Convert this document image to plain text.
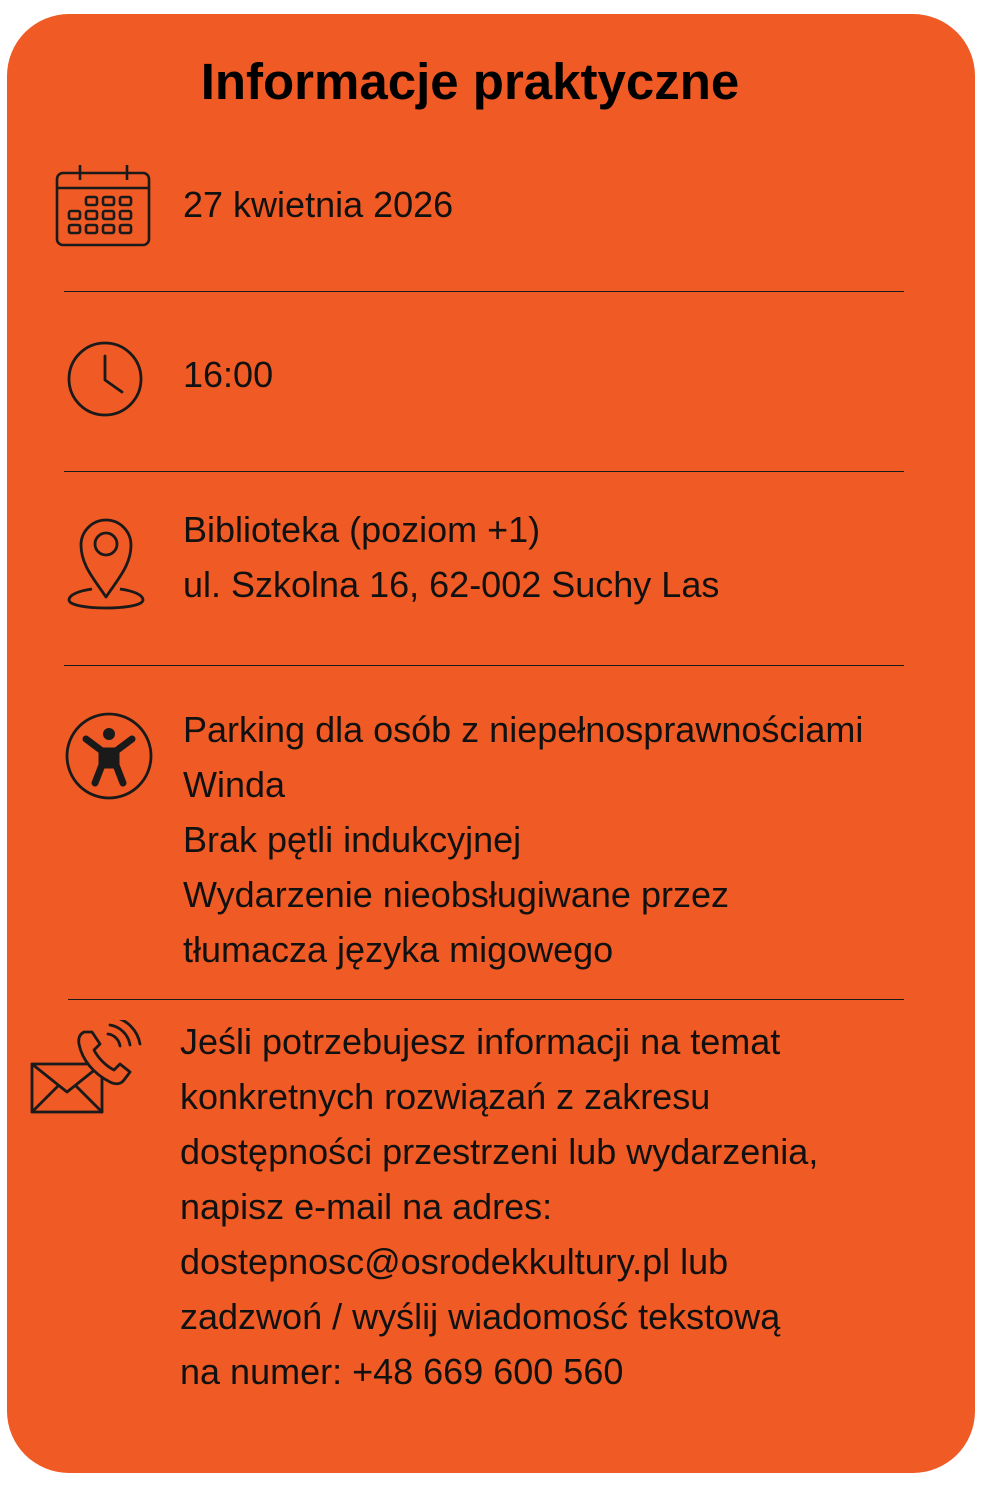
Informacje praktyczne
27 kwietnia 2026
16:00
Biblioteka (poziom +1)
ul. Szkolna 16, 62-002 Suchy Las
Parking dla osób z niepełnosprawnościami
Winda
Brak pętli indukcyjnej
Wydarzenie nieobsługiwane przez
tłumacza języka migowego
Jeśli potrzebujesz informacji na temat
konkretnych rozwiązań z zakresu
dostępności przestrzeni lub wydarzenia,
napisz e-mail na adres:
dostepnosc@osrodekkultury.pl lub
zadzwoń / wyślij wiadomość tekstową
na numer: +48 669 600 560
